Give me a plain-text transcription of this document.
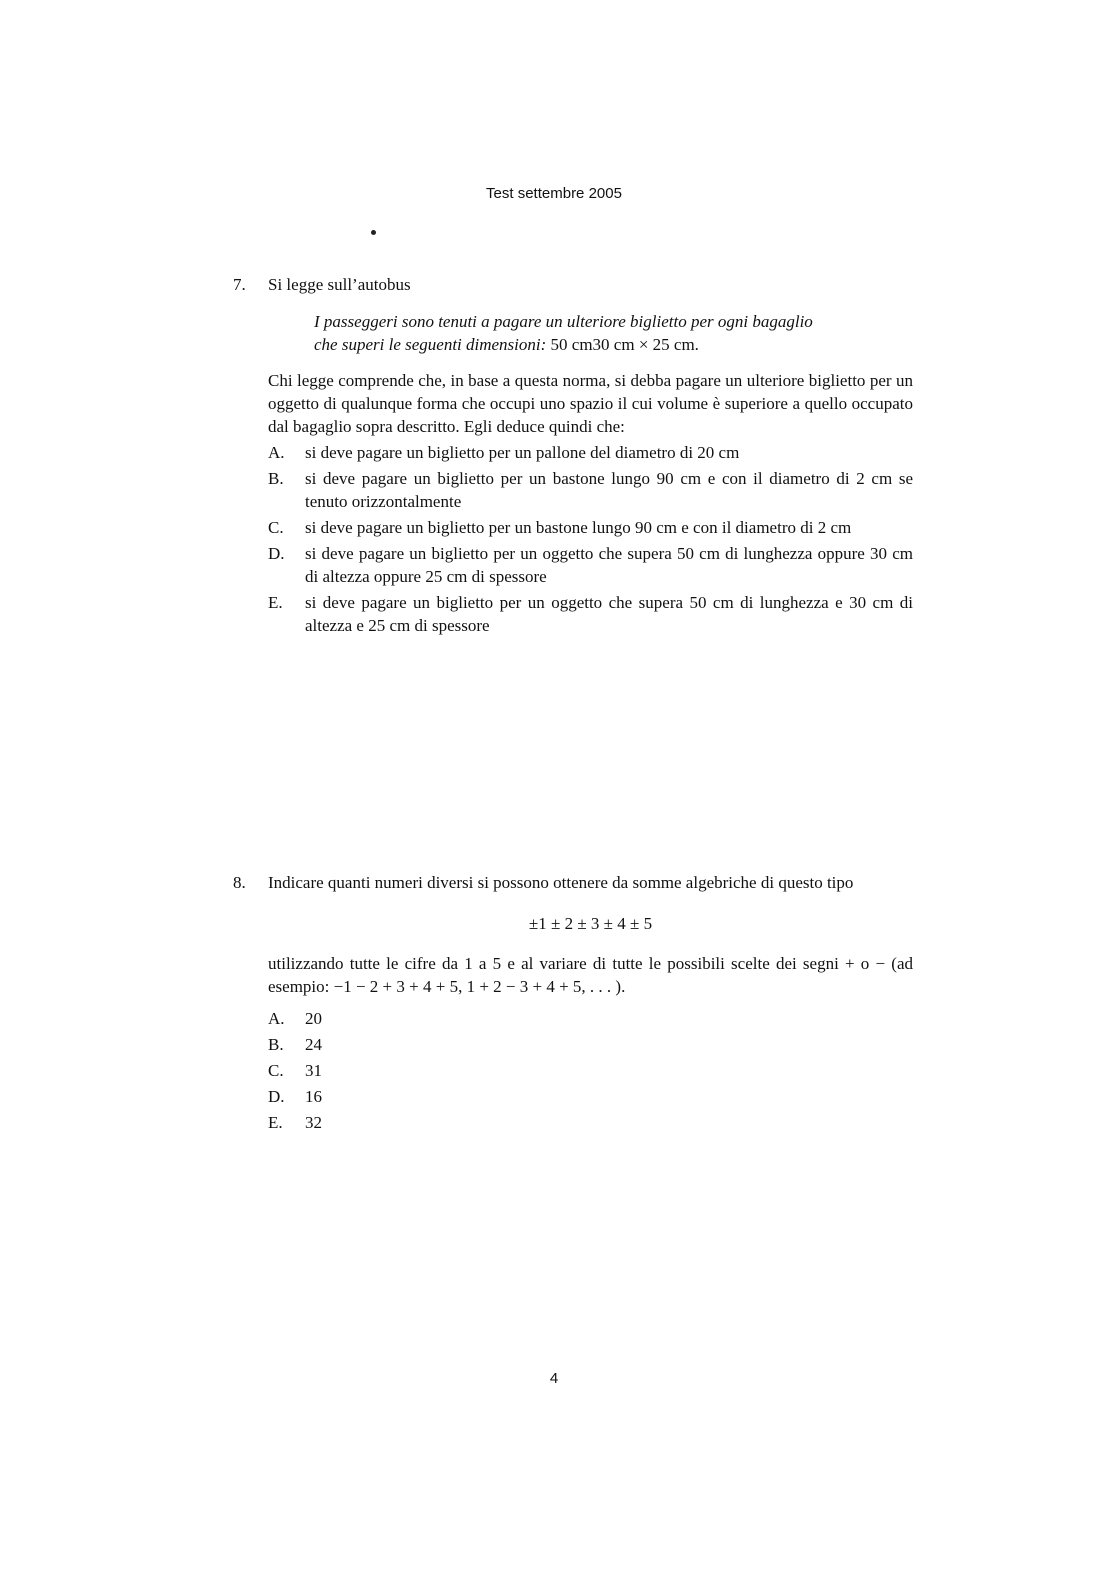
Test settembre 2005
7. Si legge sull’autobus

I passeggeri sono tenuti a pagare un ulteriore biglietto per ogni bagaglio

che superi le seguenti dimensioni: 50 cm30 cm × 25 cm.

Chi legge comprende che, in base a questa norma, si debba pagare un ulteriore biglietto per un oggetto di qualunque forma che occupi uno spazio il cui volume è superiore a quello occupato dal bagaglio sopra descritto. Egli deduce quindi che:

A. si deve pagare un biglietto per un pallone del diametro di 20 cm
B. si deve pagare un biglietto per un bastone lungo 90 cm e con il diametro di 2 cm se tenuto orizzontalmente
C. si deve pagare un biglietto per un bastone lungo 90 cm e con il diametro di 2 cm
D. si deve pagare un biglietto per un oggetto che supera 50 cm di lunghezza oppure 30 cm di altezza oppure 25 cm di spessore
E. si deve pagare un biglietto per un oggetto che supera 50 cm di lunghezza e 30 cm di altezza e 25 cm di spessore
8. Indicare quanti numeri diversi si possono ottenere da somme algebriche di questo tipo

±1 ± 2 ± 3 ± 4 ± 5

utilizzando tutte le cifre da 1 a 5 e al variare di tutte le possibili scelte dei segni + o − (ad esempio: −1 − 2 + 3 + 4 + 5, 1 + 2 − 3 + 4 + 5, . . . ).

A. 20
B. 24
C. 31
D. 16
E. 32
4
